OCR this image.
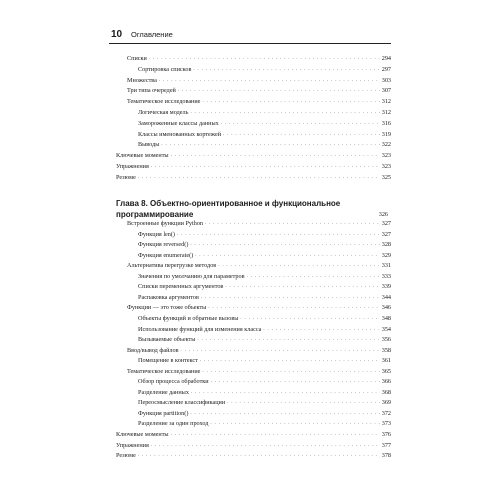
10 Оглавление
Списки . . .	294
Сортировка списков . . .	297
Множества . . .	303
Три типа очередей . . .	307
Тематическое исследование . . .	312
Логическая модель . . .	312
Замороженные классы данных . . .	316
Классы именованных кортежей . . .	319
Выводы . . .	322
Ключевые моменты . . .	323
Упражнения . . .	323
Резюме . . .	325
Глава 8. Объектно-ориентированное и функциональное
программирование	326
Встроенные функции Python . . .	327
Функция len() . . .	327
Функция reversed() . . .	328
Функция enumerate() . . .	329
Альтернатива перегрузке методов . . .	331
Значения по умолчанию для параметров . . .	333
Списки переменных аргументов . . .	339
Распаковка аргументов . . .	344
Функции — это тоже объекты . . .	346
Объекты функций и обратные вызовы . . .	348
Использование функций для изменения класса . . .	354
Вызываемые объекты . . .	356
Ввод/вывод файлов . . .	358
Помещение в контекст . . .	361
Тематическое исследование . . .	365
Обзор процесса обработки . . .	366
Разделение данных . . .	368
Переосмысление классификации . . .	369
Функция partition() . . .	372
Разделение за один проход . . .	373
Ключевые моменты . . .	376
Упражнения . . .	377
Резюме . . .	378
